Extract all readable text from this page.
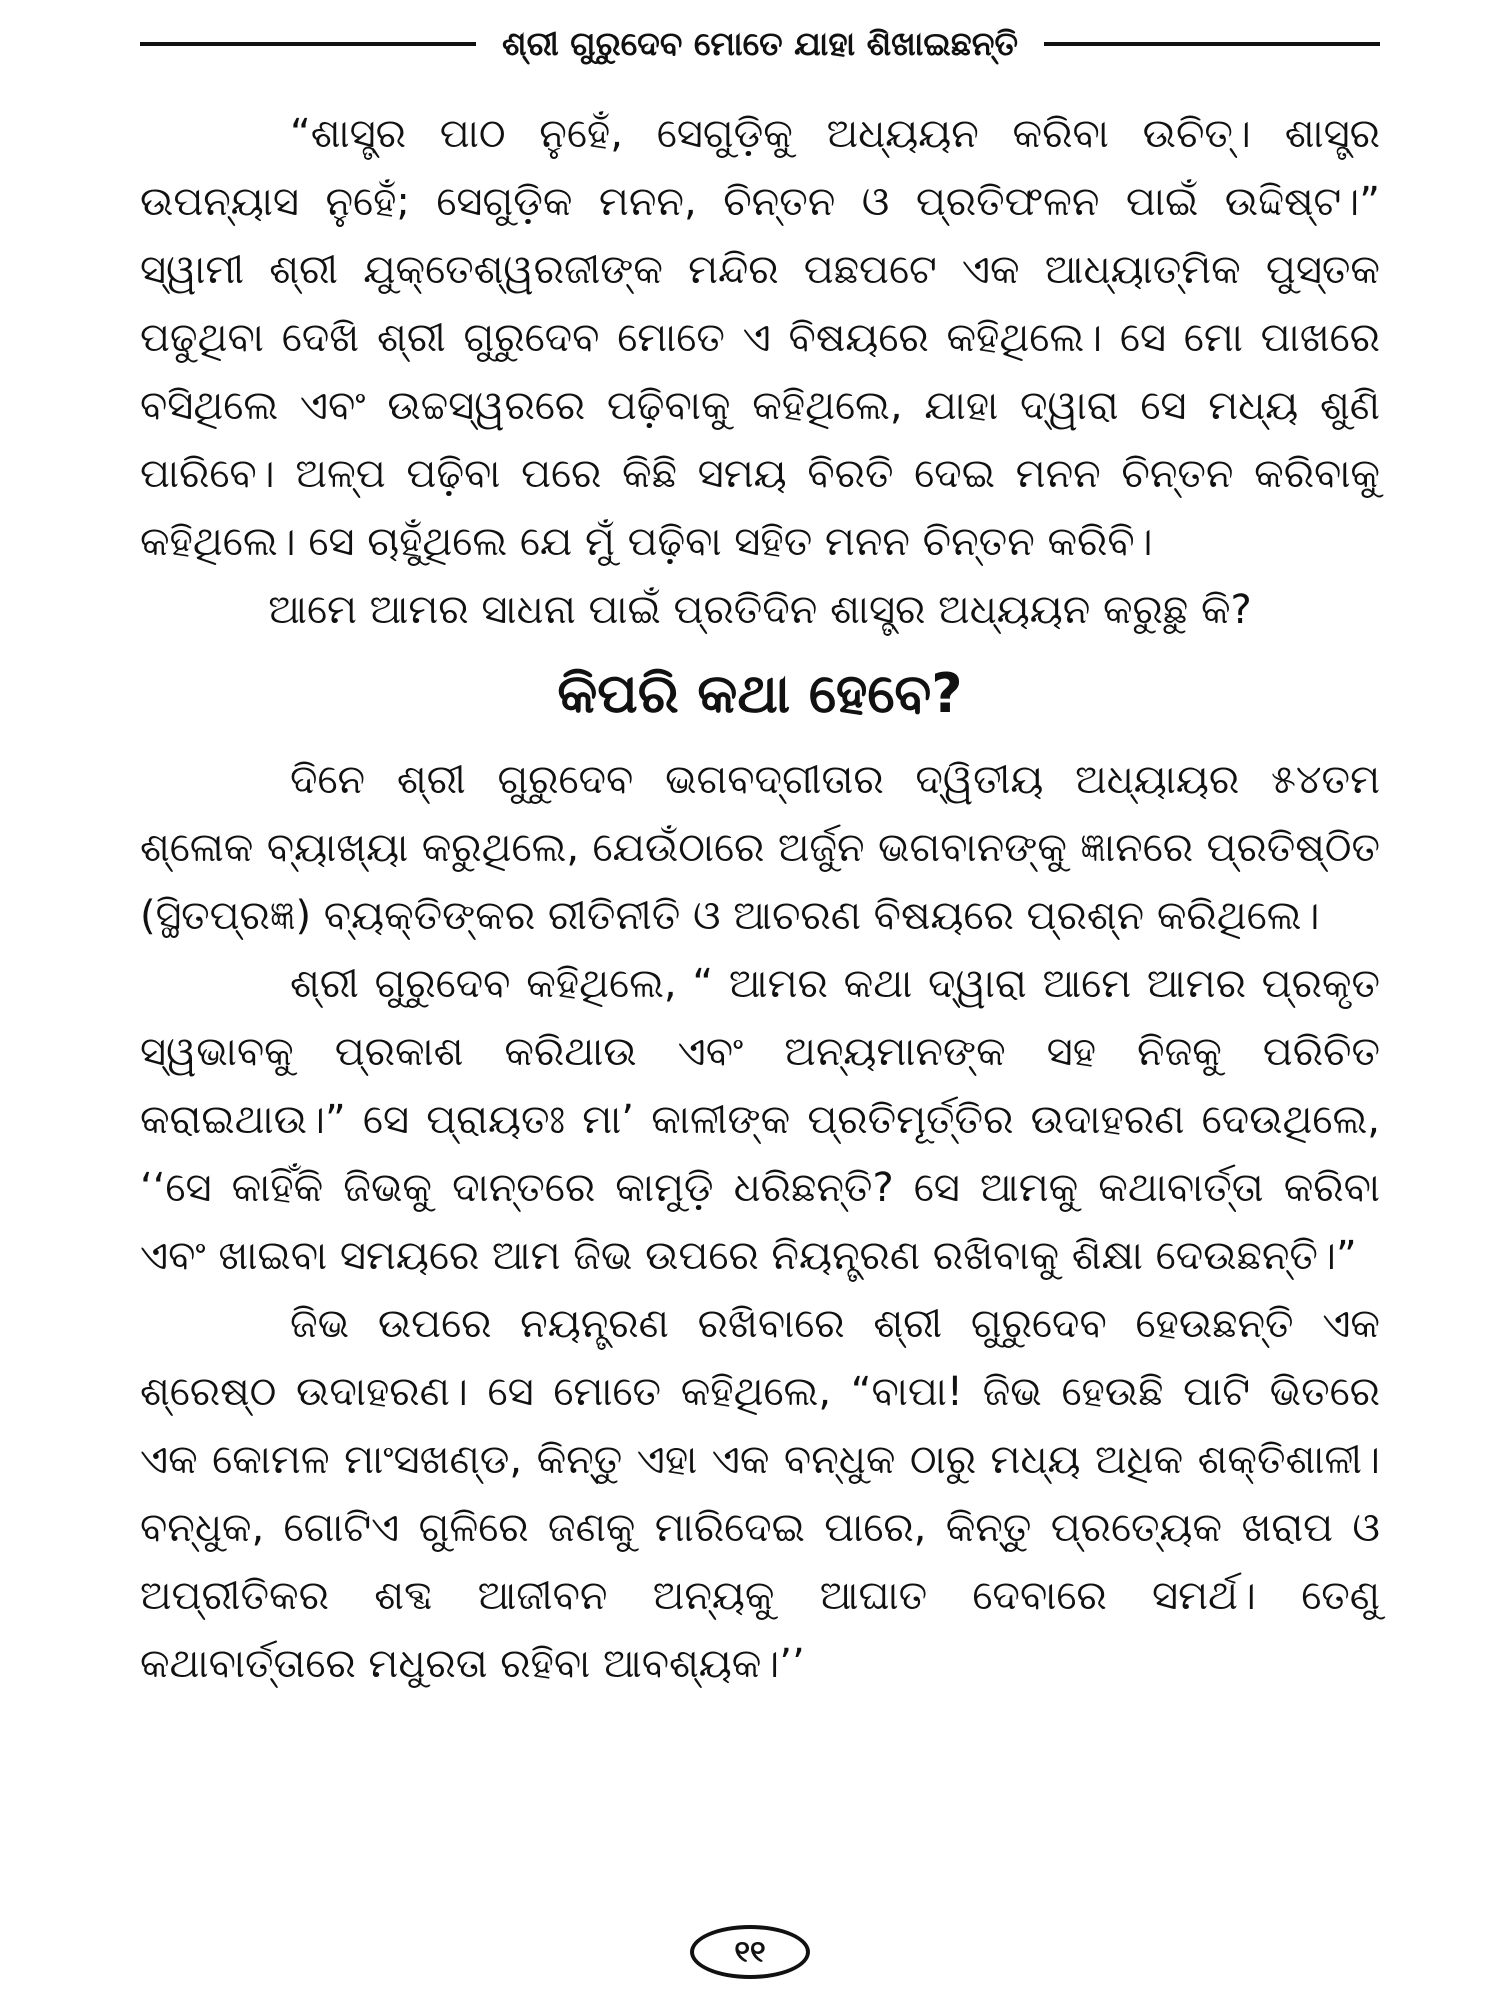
ଶ୍ରୀ ଗୁରୁଦେବ ମୋତେ ଯାହା ଶିଖାଇଛନ୍ତି

“ଶାସ୍ତ୍ର ପାଠ ନୁହେଁ, ସେଗୁଡ଼ିକୁ ଅଧ୍ୟୟନ କରିବା ଉଚିତ୍। ଶାସ୍ତ୍ର ଉପନ୍ୟାସ ନୁହେଁ; ସେଗୁଡ଼ିକ ମନନ, ଚିନ୍ତନ ଓ ପ୍ରତିଫଳନ ପାଇଁ ଉଦ୍ଦିଷ୍ଟ।” ସ୍ୱାମୀ ଶ୍ରୀ ଯୁକ୍ତେଶ୍ୱରଜୀଙ୍କ ମନ୍ଦିର ପଛପଟେ ଏକ ଆଧ୍ୟାତ୍ମିକ ପୁସ୍ତକ ପଢୁଥିବା ଦେଖି ଶ୍ରୀ ଗୁରୁଦେବ ମୋତେ ଏ ବିଷୟରେ କହିଥିଲେ। ସେ ମୋ ପାଖରେ ବସିଥିଲେ ଏବଂ ଉଚ୍ଚସ୍ୱରରେ ପଢ଼ିବାକୁ କହିଥିଲେ, ଯାହା ଦ୍ୱାରା ସେ ମଧ୍ୟ ଶୁଣି ପାରିବେ। ଅଳ୍ପ ପଢ଼ିବା ପରେ କିଛି ସମୟ ବିରତି ଦେଇ ମନନ ଚିନ୍ତନ କରିବାକୁ କହିଥିଲେ। ସେ ଚାହୁଁଥିଲେ ଯେ ମୁଁ ପଢ଼ିବା ସହିତ ମନନ ଚିନ୍ତନ କରିବି।

ଆମେ ଆମର ସାଧନା ପାଇଁ ପ୍ରତିଦିନ ଶାସ୍ତ୍ର ଅଧ୍ୟୟନ କରୁଛୁ କି?

କିପରି କଥା ହେବେ?

ଦିନେ ଶ୍ରୀ ଗୁରୁଦେବ ଭଗବଦ୍‌ଗୀତାର ଦ୍ୱିତୀୟ ଅଧ୍ୟାୟର ୫୪ତମ ଶ୍ଳୋକ ବ୍ୟାଖ୍ୟା କରୁଥିଲେ, ଯେଉଁଠାରେ ଅର୍ଜୁନ ଭଗବାନଙ୍କୁ ଜ୍ଞାନରେ ପ୍ରତିଷ୍ଠିତ (ସ୍ଥିତପ୍ରଜ୍ଞ) ବ୍ୟକ୍ତିଙ୍କର ରୀତିନୀତି ଓ ଆଚରଣ ବିଷୟରେ ପ୍ରଶ୍ନ କରିଥିଲେ।

ଶ୍ରୀ ଗୁରୁଦେବ କହିଥିଲେ, “ ଆମର କଥା ଦ୍ୱାରା ଆମେ ଆମର ପ୍ରକୃତ ସ୍ୱଭାବକୁ ପ୍ରକାଶ କରିଥାଉ ଏବଂ ଅନ୍ୟମାନଙ୍କ ସହ ନିଜକୁ ପରିଚିତ କରାଇଥାଉ।” ସେ ପ୍ରାୟତଃ ମା’ କାଳୀଙ୍କ ପ୍ରତିମୂର୍ତ୍ତିର ଉଦାହରଣ ଦେଉଥିଲେ, ‘‘ସେ କାହିଁକି ଜିଭକୁ ଦାନ୍ତରେ କାମୁଡ଼ି ଧରିଛନ୍ତି? ସେ ଆମକୁ କଥାବାର୍ତ୍ତା କରିବା ଏବଂ ଖାଇବା ସମୟରେ ଆମ ଜିଭ ଉପରେ ନିୟନ୍ତ୍ରଣ ରଖିବାକୁ ଶିକ୍ଷା ଦେଉଛନ୍ତି।”

ଜିଭ ଉପରେ ନୟନ୍ତ୍ରଣ ରଖିବାରେ ଶ୍ରୀ ଗୁରୁଦେବ ହେଉଛନ୍ତି ଏକ ଶ୍ରେଷ୍ଠ ଉଦାହରଣ। ସେ ମୋତେ କହିଥିଲେ, “ବାପା! ଜିଭ ହେଉଛି ପାଟି ଭିତରେ ଏକ କୋମଳ ମାଂସଖଣ୍ଡ, କିନ୍ତୁ ଏହା ଏକ ବନ୍ଧୁକ ଠାରୁ ମଧ୍ୟ ଅଧିକ ଶକ୍ତିଶାଳୀ। ବନ୍ଧୁକ, ଗୋଟିଏ ଗୁଳିରେ ଜଣକୁ ମାରିଦେଇ ପାରେ, କିନ୍ତୁ ପ୍ରତ୍ୟେକ ଖରାପ ଓ ଅପ୍ରୀତିକର ଶବ୍ଦ ଆଜୀବନ ଅନ୍ୟକୁ ଆଘାତ ଦେବାରେ ସମର୍ଥ। ତେଣୁ କଥାବାର୍ତ୍ତାରେ ମଧୁରତା ରହିବା ଆବଶ୍ୟକ।’’

୧୧
